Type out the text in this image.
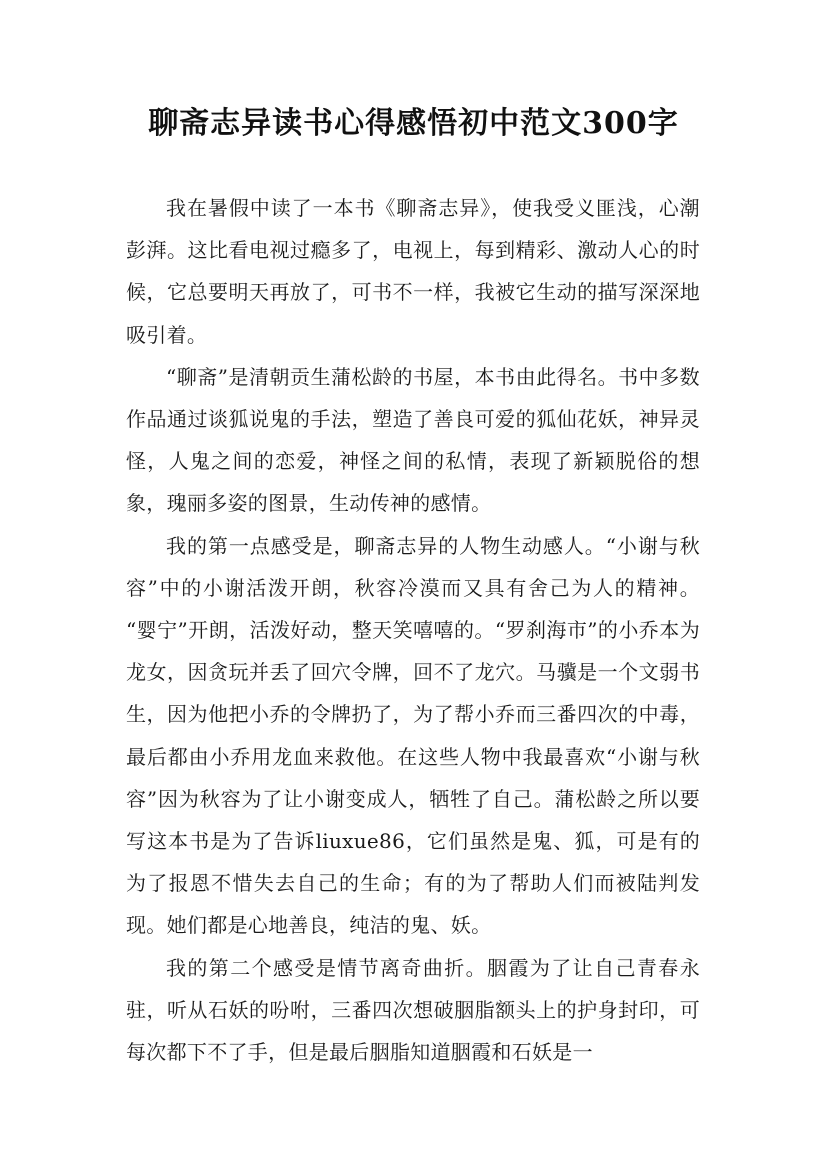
聊斋志异读书心得感悟初中范文300字

我在暑假中读了一本书《聊斋志异》，使我受义匪浅，心潮彭湃。这比看电视过瘾多了，电视上，每到精彩、激动人心的时候，它总要明天再放了，可书不一样，我被它生动的描写深深地吸引着。

“聊斋”是清朝贡生蒲松龄的书屋，本书由此得名。书中多数作品通过谈狐说鬼的手法，塑造了善良可爱的狐仙花妖，神异灵怪，人鬼之间的恋爱，神怪之间的私情，表现了新颖脱俗的想象，瑰丽多姿的图景，生动传神的感情。

我的第一点感受是，聊斋志异的人物生动感人。“小谢与秋容”中的小谢活泼开朗，秋容冷漠而又具有舍己为人的精神。 “婴宁”开朗，活泼好动，整天笑嘻嘻的。“罗刹海市”的小乔本为龙女，因贪玩并丢了回穴令牌，回不了龙穴。马骥是一个文弱书生，因为他把小乔的令牌扔了，为了帮小乔而三番四次的中毒，最后都由小乔用龙血来救他。在这些人物中我最喜欢“小谢与秋容”因为秋容为了让小谢变成人，牺牲了自己。蒲松龄之所以要写这本书是为了告诉liuxue86，它们虽然是鬼、狐，可是有的为了报恩不惜失去自己的生命；有的为了帮助人们而被陆判发现。她们都是心地善良，纯洁的鬼、妖。

我的第二个感受是情节离奇曲折。胭霞为了让自己青春永驻，听从石妖的吩咐，三番四次想破胭脂额头上的护身封印，可每次都下不了手，但是最后胭脂知道胭霞和石妖是一
